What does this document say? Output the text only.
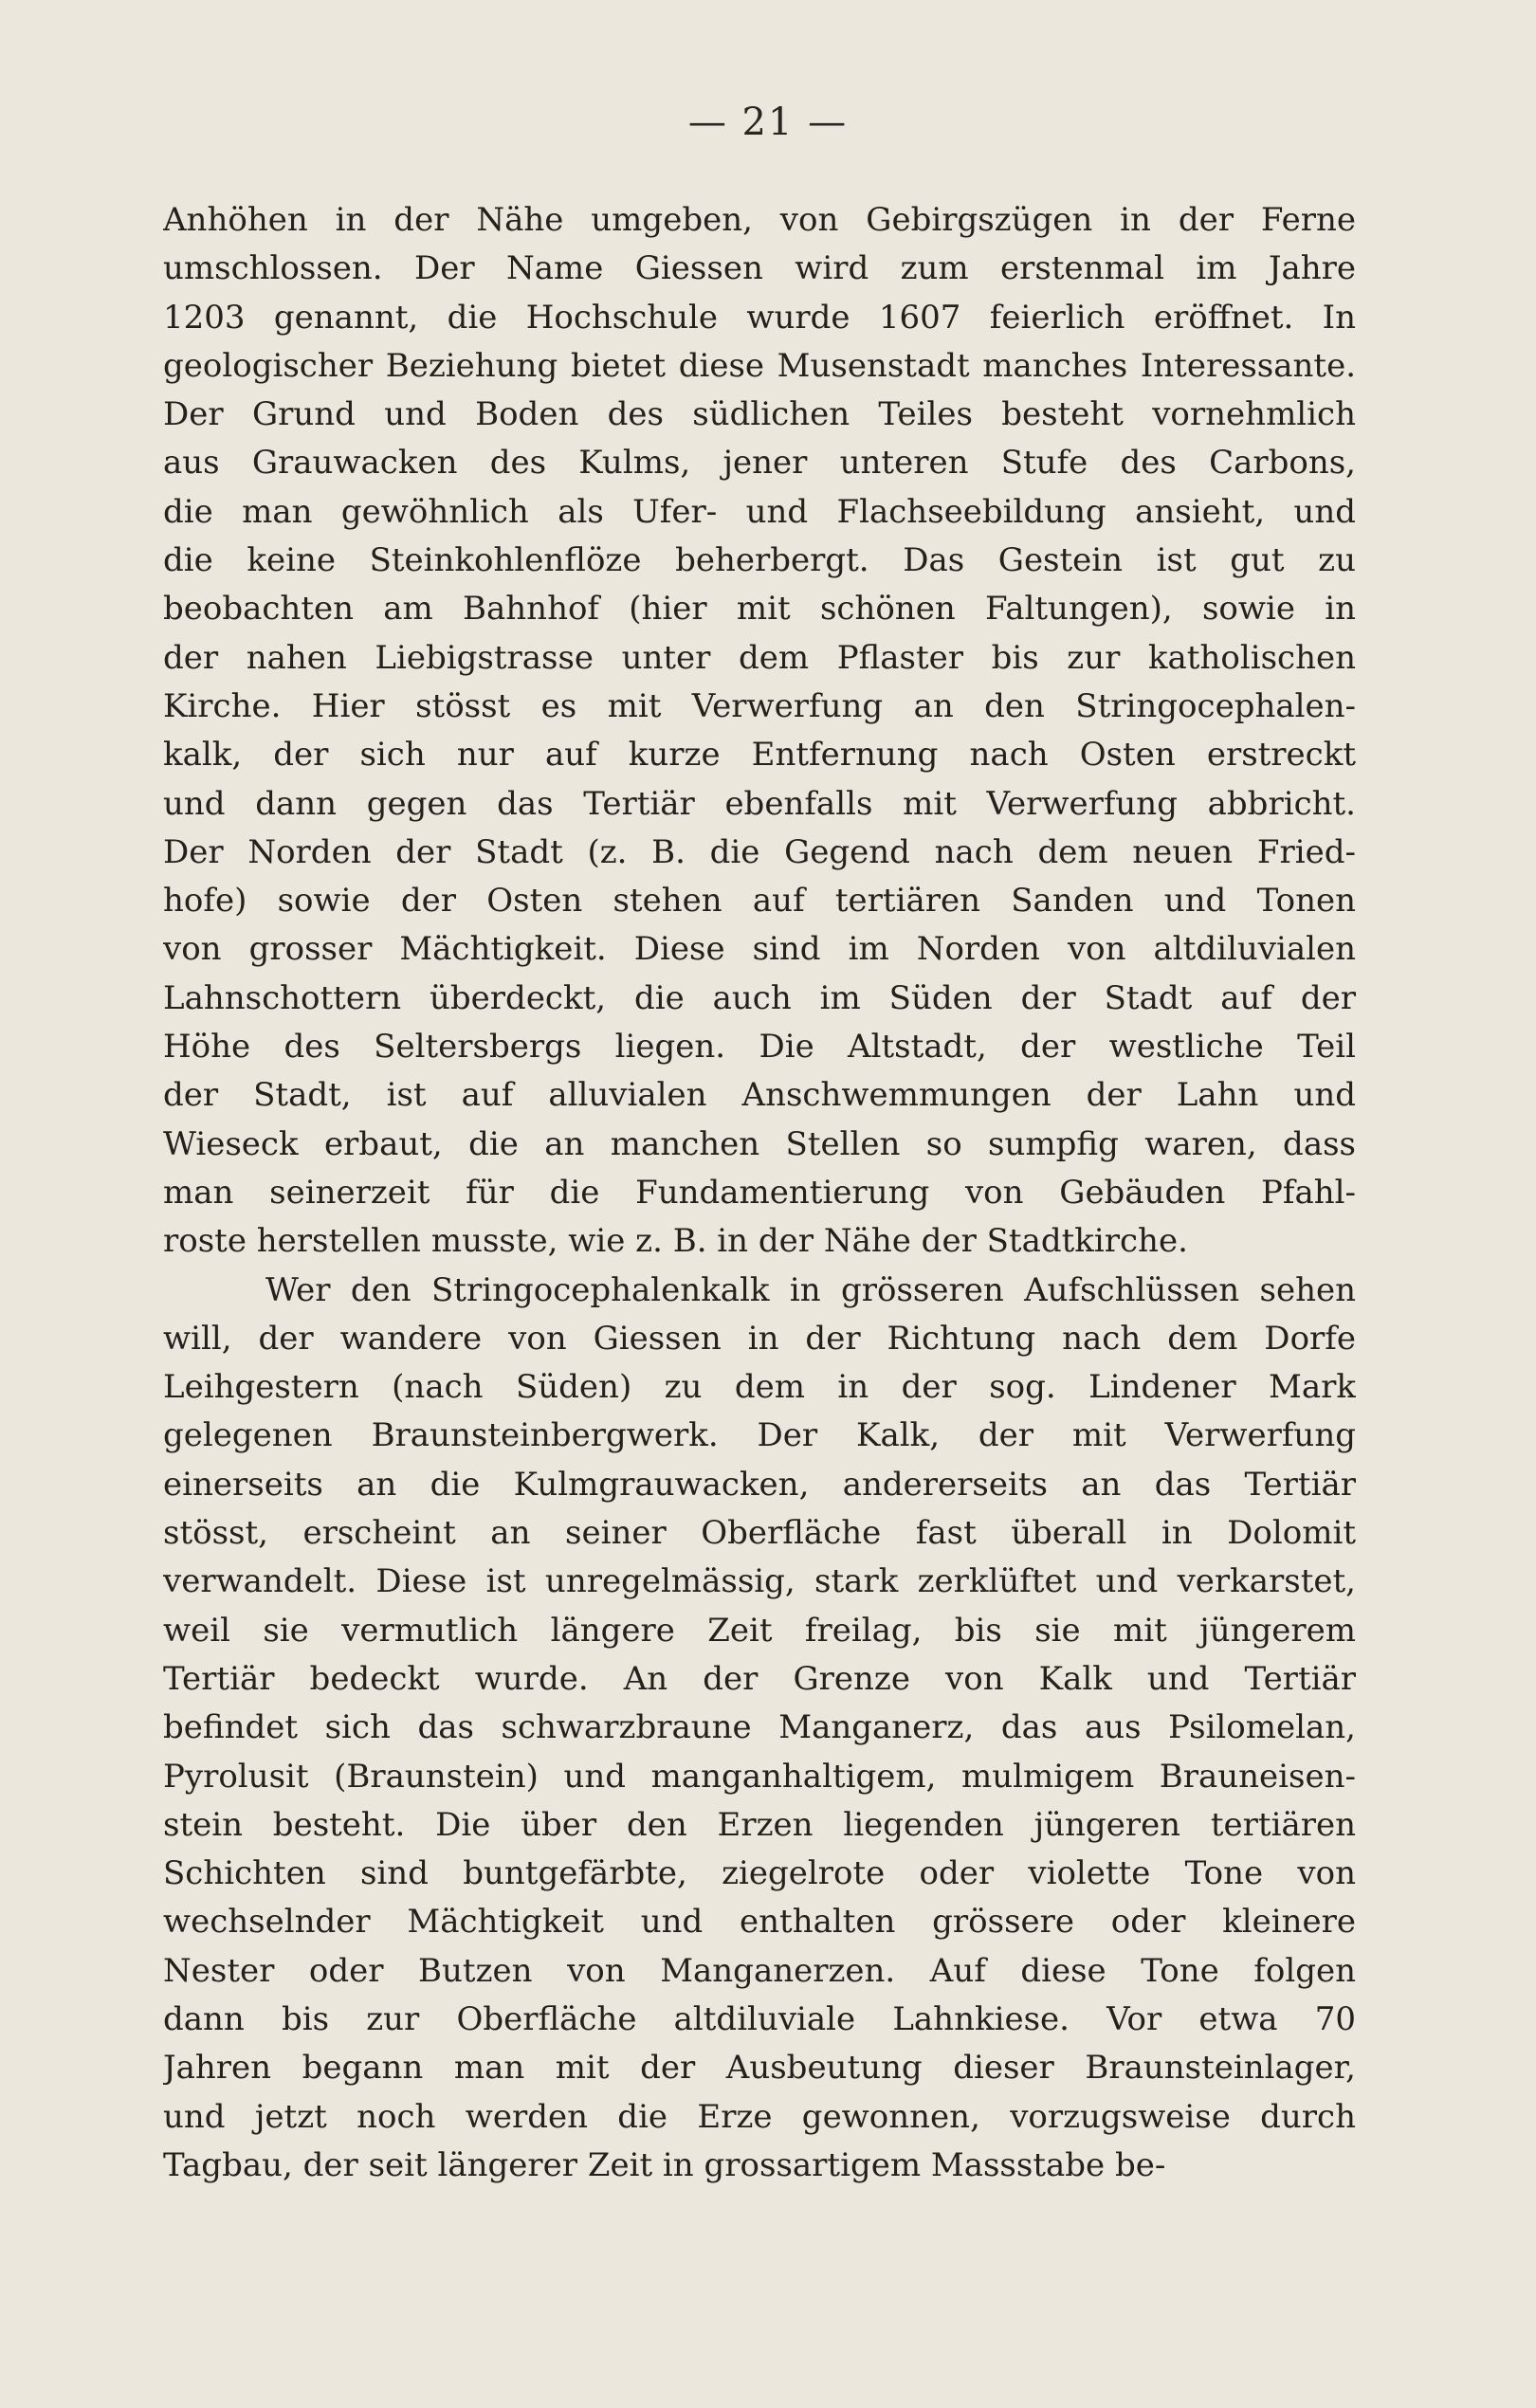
— 21 —
Anhöhen in der Nähe umgeben, von Gebirgszügen in der Ferne
umschlossen. Der Name Giessen wird zum erstenmal im Jahre
1203 genannt, die Hochschule wurde 1607 feierlich eröffnet. In
geologischer Beziehung bietet diese Musenstadt manches Interessante.
Der Grund und Boden des südlichen Teiles besteht vornehmlich
aus Grauwacken des Kulms, jener unteren Stufe des Carbons,
die man gewöhnlich als Ufer- und Flachseebildung ansieht, und
die keine Steinkohlenflöze beherbergt. Das Gestein ist gut zu
beobachten am Bahnhof (hier mit schönen Faltungen), sowie in
der nahen Liebigstrasse unter dem Pflaster bis zur katholischen
Kirche. Hier stösst es mit Verwerfung an den Stringocephalen-
kalk, der sich nur auf kurze Entfernung nach Osten erstreckt
und dann gegen das Tertiär ebenfalls mit Verwerfung abbricht.
Der Norden der Stadt (z. B. die Gegend nach dem neuen Fried-
hofe) sowie der Osten stehen auf tertiären Sanden und Tonen
von grosser Mächtigkeit. Diese sind im Norden von altdiluvialen
Lahnschottern überdeckt, die auch im Süden der Stadt auf der
Höhe des Seltersbergs liegen. Die Altstadt, der westliche Teil
der Stadt, ist auf alluvialen Anschwemmungen der Lahn und
Wieseck erbaut, die an manchen Stellen so sumpfig waren, dass
man seinerzeit für die Fundamentierung von Gebäuden Pfahl-
roste herstellen musste, wie z. B. in der Nähe der Stadtkirche.
Wer den Stringocephalenkalk in grösseren Aufschlüssen sehen
will, der wandere von Giessen in der Richtung nach dem Dorfe
Leihgestern (nach Süden) zu dem in der sog. Lindener Mark
gelegenen Braunsteinbergwerk. Der Kalk, der mit Verwerfung
einerseits an die Kulmgrauwacken, andererseits an das Tertiär
stösst, erscheint an seiner Oberfläche fast überall in Dolomit
verwandelt. Diese ist unregelmässig, stark zerklüftet und verkarstet,
weil sie vermutlich längere Zeit freilag, bis sie mit jüngerem
Tertiär bedeckt wurde. An der Grenze von Kalk und Tertiär
befindet sich das schwarzbraune Manganerz, das aus Psilomelan,
Pyrolusit (Braunstein) und manganhaltigem, mulmigem Brauneisen-
stein besteht. Die über den Erzen liegenden jüngeren tertiären
Schichten sind buntgefärbte, ziegelrote oder violette Tone von
wechselnder Mächtigkeit und enthalten grössere oder kleinere
Nester oder Butzen von Manganerzen. Auf diese Tone folgen
dann bis zur Oberfläche altdiluviale Lahnkiese. Vor etwa 70
Jahren begann man mit der Ausbeutung dieser Braunsteinlager,
und jetzt noch werden die Erze gewonnen, vorzugsweise durch
Tagbau, der seit längerer Zeit in grossartigem Massstabe be-
